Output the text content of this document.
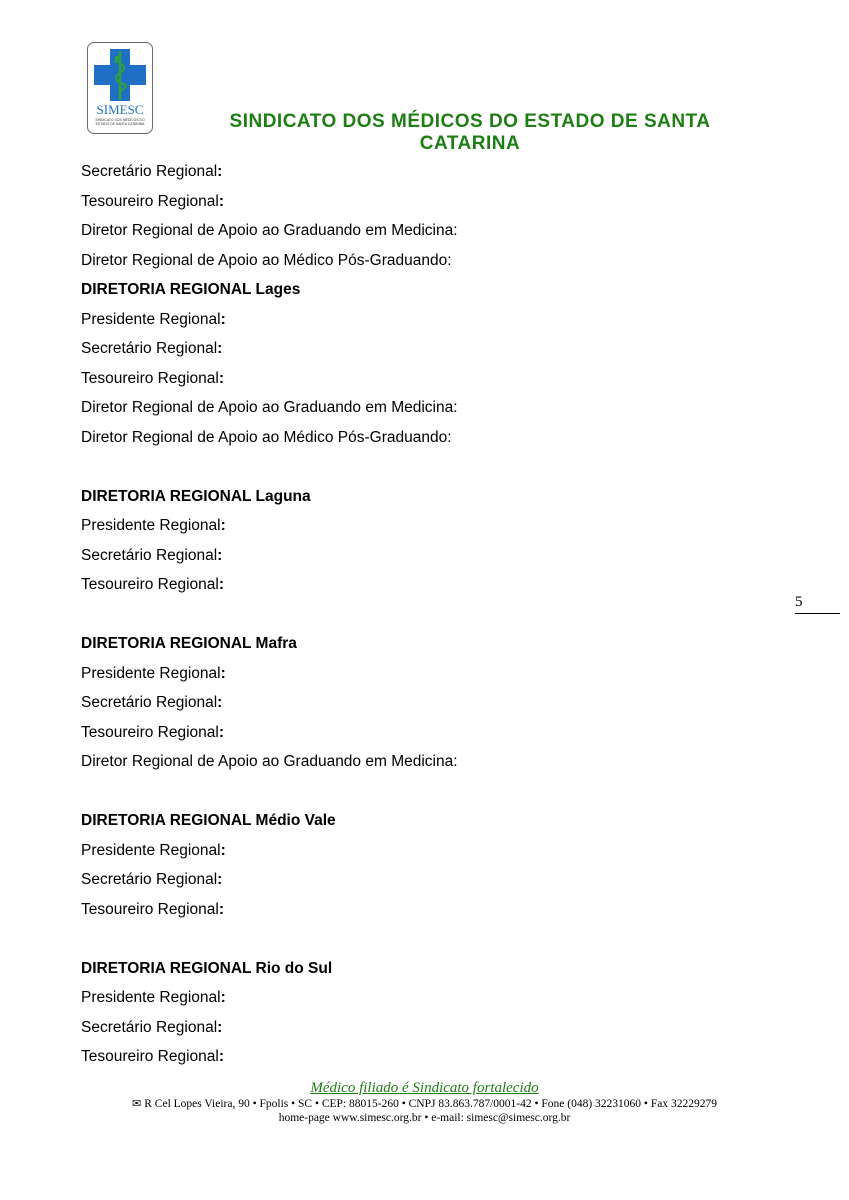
SIMESC
SINDICATO DOS MÉDICOS DO
ESTADO DE SANTA CATARINA	SINDICATO DOS MÉDICOS DO ESTADO DE SANTA
CATARINA
Secretário Regional:
Tesoureiro Regional:
Diretor Regional de Apoio ao Graduando em Medicina:
Diretor Regional de Apoio ao Médico Pós-Graduando:
DIRETORIA REGIONAL Lages
Presidente Regional:
Secretário Regional:
Tesoureiro Regional:
Diretor Regional de Apoio ao Graduando em Medicina:
Diretor Regional de Apoio ao Médico Pós-Graduando:
DIRETORIA REGIONAL Laguna
Presidente Regional:
Secretário Regional:
Tesoureiro Regional:
DIRETORIA REGIONAL Mafra
Presidente Regional:
Secretário Regional:
Tesoureiro Regional:
Diretor Regional de Apoio ao Graduando em Medicina:
DIRETORIA REGIONAL Médio Vale
Presidente Regional:
Secretário Regional:
Tesoureiro Regional:
DIRETORIA REGIONAL Rio do Sul
Presidente Regional:
Secretário Regional:
Tesoureiro Regional:
5
Médico filiado é Sindicato fortalecido
✉ R Cel Lopes Vieira, 90 • Fpolis • SC • CEP: 88015-260 • CNPJ 83.863.787/0001-42 • Fone (048) 32231060 • Fax 32229279
home-page www.simesc.org.br • e-mail: simesc@simesc.org.br
